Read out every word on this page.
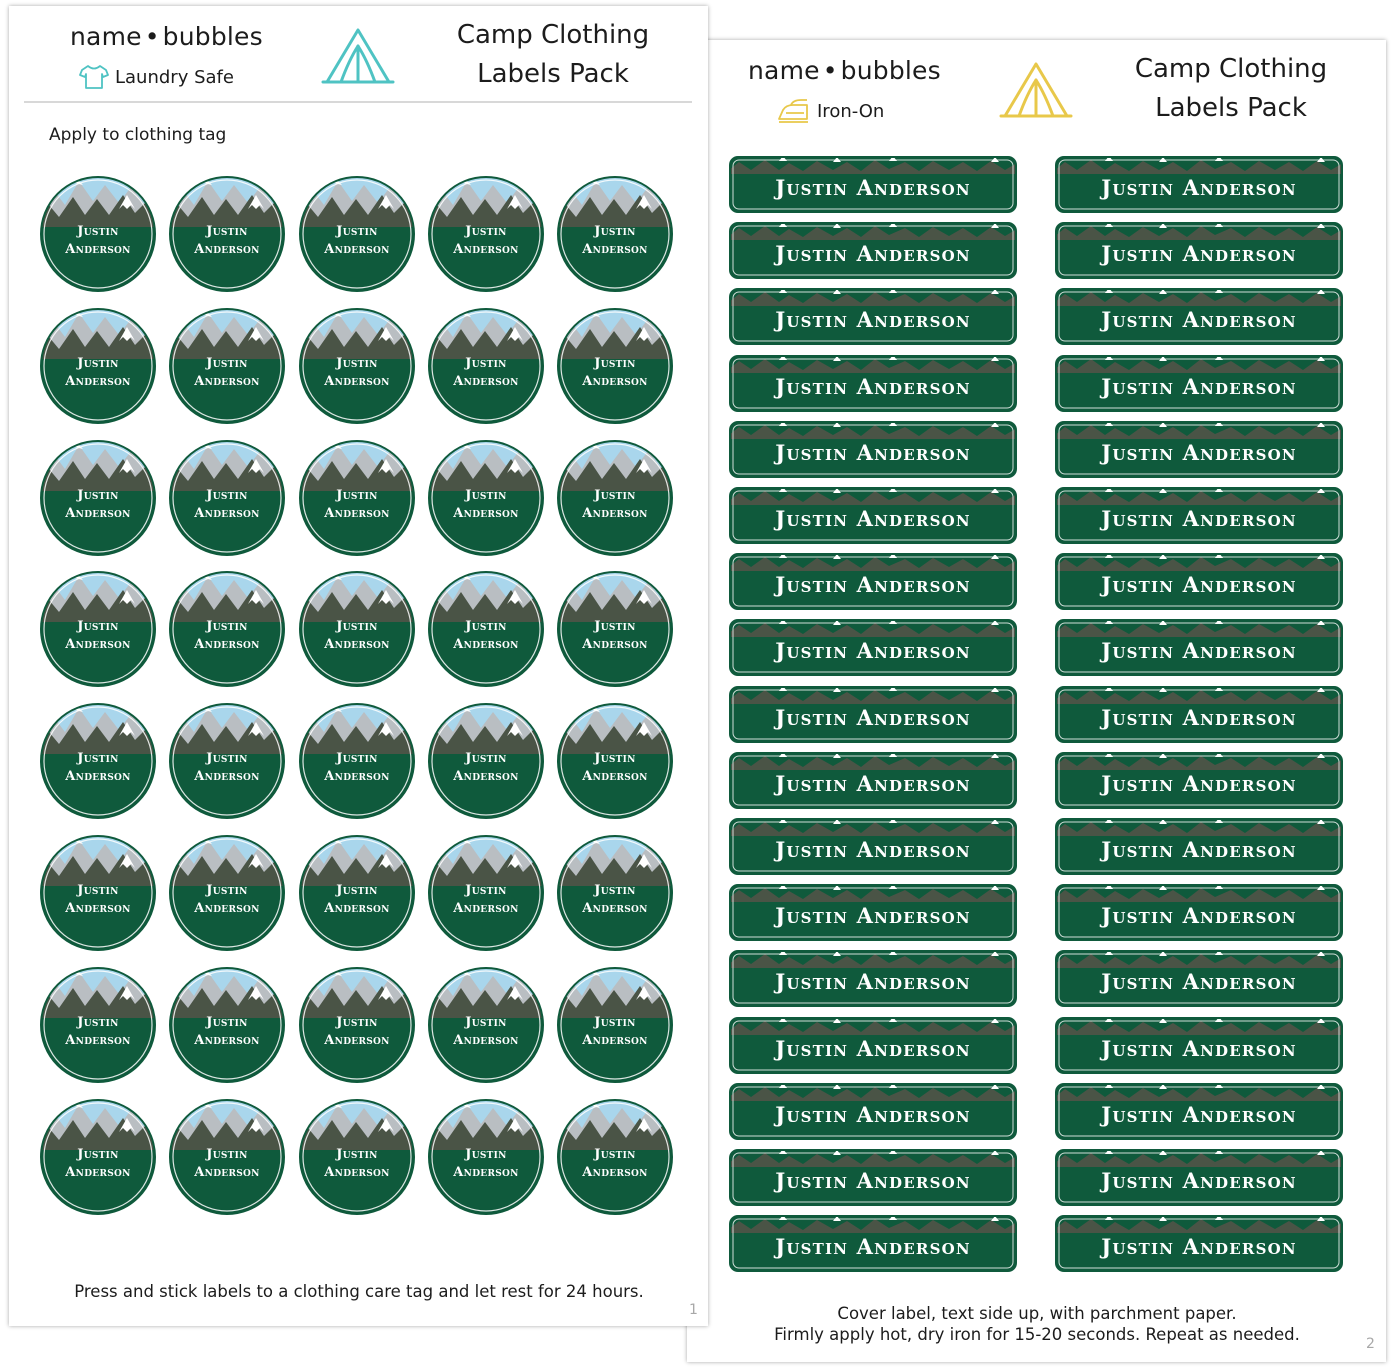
name • bubbles
Laundry Safe
Camp Clothing
Labels Pack
Apply to clothing tag
Justin
Anderson
Justin
Anderson
Justin
Anderson
Justin
Anderson
Justin
Anderson
Justin
Anderson
Justin
Anderson
Justin
Anderson
Justin
Anderson
Justin
Anderson
Justin
Anderson
Justin
Anderson
Justin
Anderson
Justin
Anderson
Justin
Anderson
Justin
Anderson
Justin
Anderson
Justin
Anderson
Justin
Anderson
Justin
Anderson
Justin
Anderson
Justin
Anderson
Justin
Anderson
Justin
Anderson
Justin
Anderson
Justin
Anderson
Justin
Anderson
Justin
Anderson
Justin
Anderson
Justin
Anderson
Justin
Anderson
Justin
Anderson
Justin
Anderson
Justin
Anderson
Justin
Anderson
Justin
Anderson
Justin
Anderson
Justin
Anderson
Justin
Anderson
Justin
Anderson
Press and stick labels to a clothing care tag and let rest for 24 hours.
1
name • bubbles
Iron-On
Camp Clothing
Labels Pack
Justin Anderson	Justin Anderson
Justin Anderson	Justin Anderson
Justin Anderson	Justin Anderson
Justin Anderson	Justin Anderson
Justin Anderson	Justin Anderson
Justin Anderson	Justin Anderson
Justin Anderson	Justin Anderson
Justin Anderson	Justin Anderson
Justin Anderson	Justin Anderson
Justin Anderson	Justin Anderson
Justin Anderson	Justin Anderson
Justin Anderson	Justin Anderson
Justin Anderson	Justin Anderson
Justin Anderson	Justin Anderson
Justin Anderson	Justin Anderson
Justin Anderson	Justin Anderson
Justin Anderson	Justin Anderson
Cover label, text side up, with parchment paper.
Firmly apply hot, dry iron for 15-20 seconds. Repeat as needed.	2
